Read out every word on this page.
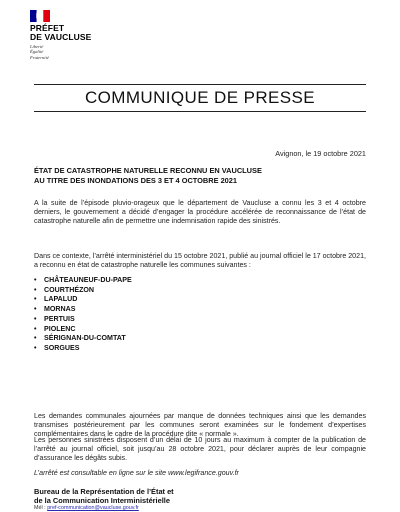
PRÉFET
DE VAUCLUSE
Liberté
Égalité
Fraternité
COMMUNIQUE DE PRESSE
Avignon, le 19 octobre 2021
ÉTAT DE CATASTROPHE NATURELLE RECONNU EN VAUCLUSE
AU TITRE DES INONDATIONS DES 3 ET 4 OCTOBRE 2021
A la suite de l’épisode pluvio-orageux que le département de Vaucluse a connu les 3 et 4 octobre derniers, le gouvernement a décidé d’engager la procédure accélérée de reconnaissance de l’état de catastrophe naturelle afin de permettre une indemnisation rapide des sinistrés.
Dans ce contexte, l’arrêté interministériel du 15 octobre 2021, publié au journal officiel le 17 octobre 2021, a reconnu en état de catastrophe naturelle les communes suivantes :
• CHÂTEAUNEUF-DU-PAPE
• COURTHÉZON
• LAPALUD
• MORNAS
• PERTUIS
• PIOLENC
• SÉRIGNAN-DU-COMTAT
• SORGUES
Les demandes communales ajournées par manque de données techniques ainsi que les demandes transmises postérieurement par les communes seront examinées sur le fondement d’expertises complémentaires dans le cadre de la procédure dite « normale ».
Les personnes sinistrées disposent d’un délai de 10 jours au maximum à compter de la publication de l’arrêté au journal officiel, soit jusqu’au 28 octobre 2021, pour déclarer auprès de leur compagnie d’assurance les dégâts subis.
L’arrêté est consultable en ligne sur le site www.legifrance.gouv.fr
Bureau de la Représentation de l’État et
de la Communication Interministérielle
Mél : pref-communication@vaucluse.gouv.fr
